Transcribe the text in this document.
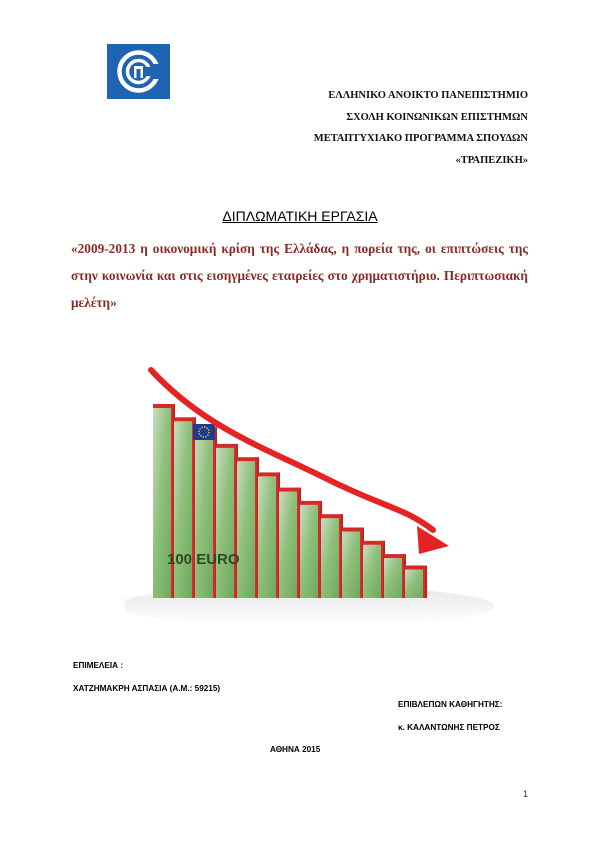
ΕΛΛΗΝΙΚΟ ΑΝΟΙΚΤΟ ΠΑΝΕΠΙΣΤΗΜΙΟ
ΣΧΟΛΗ ΚΟΙΝΩΝΙΚΩΝ ΕΠΙΣΤΗΜΩΝ
ΜΕΤΑΠΤΥΧΙΑΚΟ ΠΡΟΓΡΑΜΜΑ ΣΠΟΥΔΩΝ
«ΤΡΑΠΕΖΙΚΗ»
ΔΙΠΛΩΜΑΤΙΚΗ ΕΡΓΑΣΙΑ
«2009-2013 η οικονομική κρίση της Ελλάδας, η πορεία της, οι επιπτώσεις της στην κοινωνία και στις εισηγμένες εταιρείες στο χρηματιστήριο. Περιπτωσιακή μελέτη»
100 EURO
ΕΠΙΜΕΛΕΙΑ :
ΧΑΤΖΗΜΑΚΡΗ ΑΣΠΑΣΙΑ (Α.Μ.: 59215)
ΕΠΙΒΛΕΠΩΝ ΚΑΘΗΓΗΤΗΣ:
κ. ΚΑΛΑΝΤΩΝΗΣ ΠΕΤΡΟΣ
ΑΘΗΝΑ 2015
1
